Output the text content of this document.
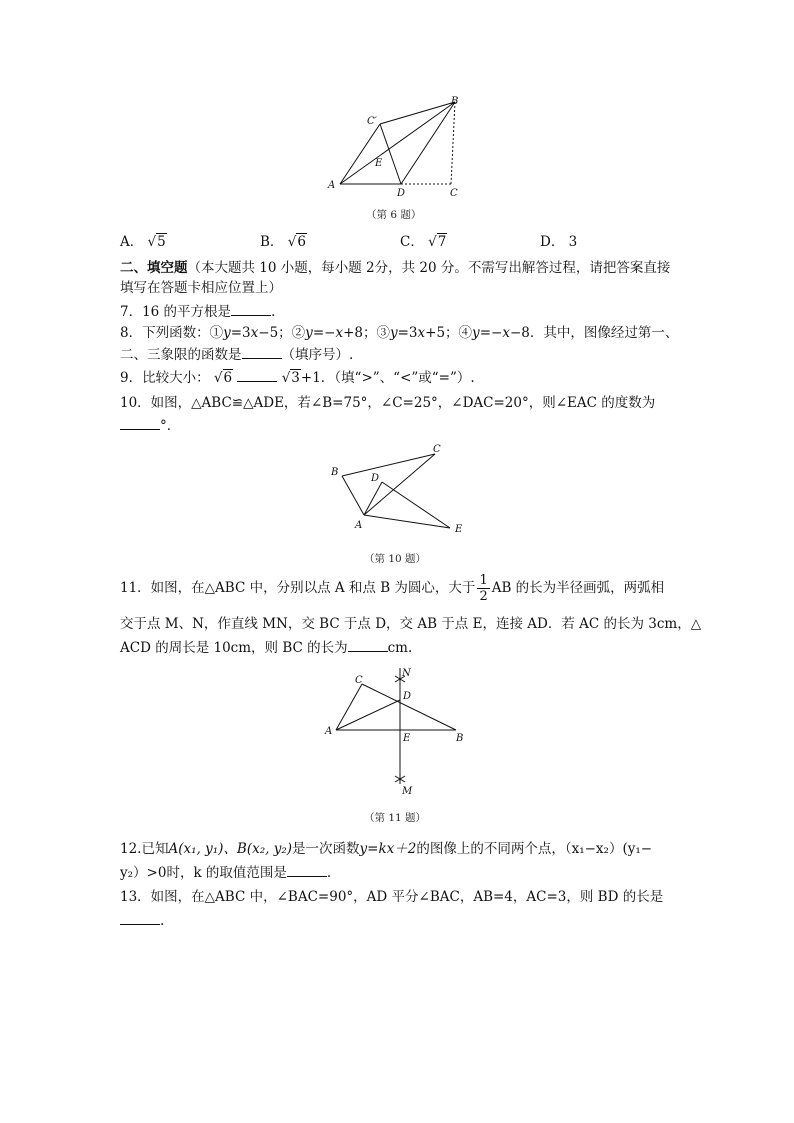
B
C′
E
A
D	C
（第 6 题）
A． √5	B． √6	C． √7	D． 3
二、填空题（本大题共 10 小题，每小题 2分，共 20 分。不需写出解答过程，请把答案直接
填写在答题卡相应位置上）
7．16 的平方根是	.
8．下列函数：①y=3x−5；②y=−x+8；③y=3x+5；④y=−x−8．其中，图像经过第一、
二、三象限的函数是	（填序号）.
9．比较大小： √6	√3+1．（填“>”、“<”或“=”）.
10．如图，△ABC≌△ADE，若∠B=75°，∠C=25°，∠DAC=20°，则∠EAC 的度数为
°．
B
C
D
A	E
（第 10 题）
11．如图，在△ABC 中，分别以点 A 和点 B 为圆心，大于 $\frac{1}{2}$ AB 的长为半径画弧，两弧相
交于点 M、N，作直线 MN，交 BC 于点 D，交 AB 于点 E，连接 AD．若 AC 的长为 3cm，△
ACD 的周长是 10cm，则 BC 的长为	cm.
N
C
D
A
E	B
M
（第 11 题）
12.已知A(x₁, y₁)、B(x₂, y₂)是一次函数y=kx＋2的图像上的不同两个点，（x₁−x₂）(y₁−
y₂）>0时，k 的取值范围是	.
13．如图，在△ABC 中，∠BAC=90°，AD 平分∠BAC，AB=4，AC=3，则 BD 的长是
.
